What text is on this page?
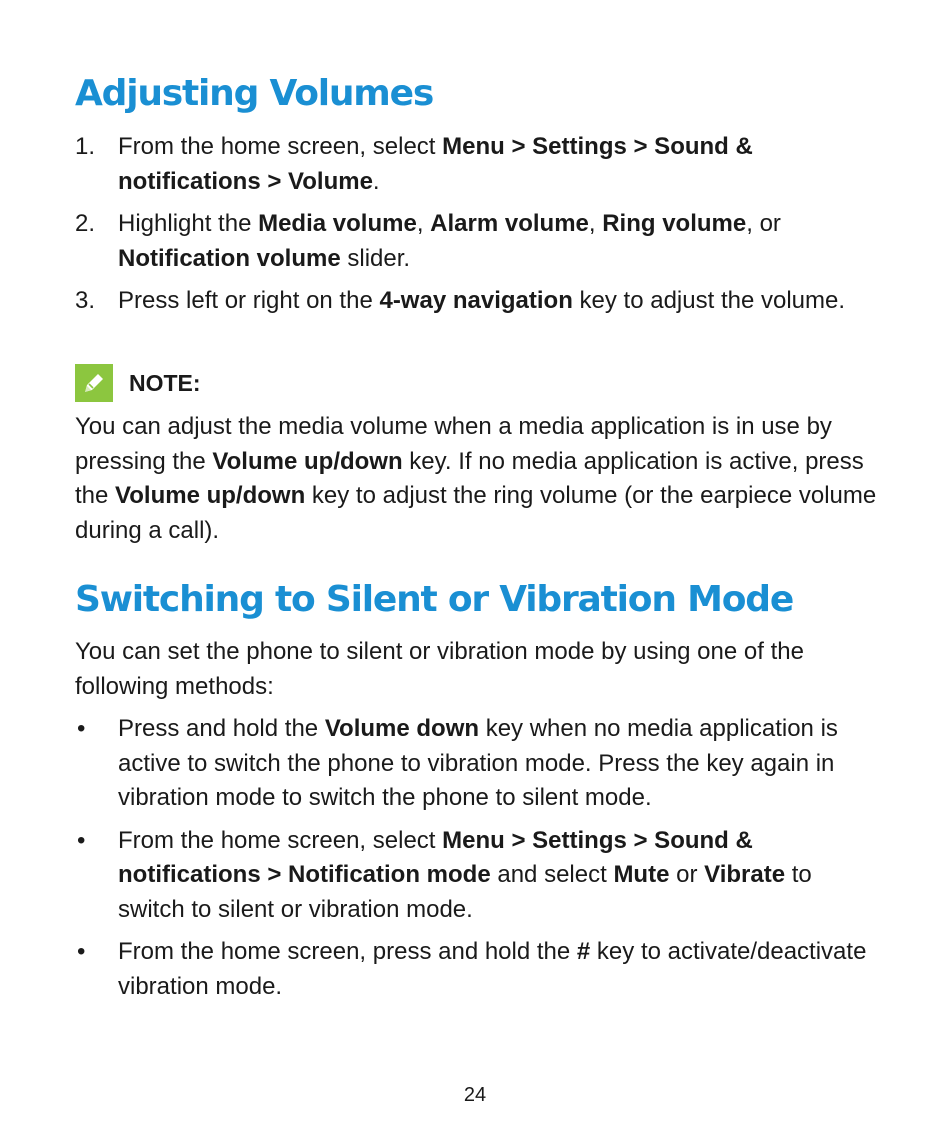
Adjusting Volumes
1. From the home screen, select Menu > Settings > Sound & notifications > Volume.
2. Highlight the Media volume, Alarm volume, Ring volume, or Notification volume slider.
3. Press left or right on the 4-way navigation key to adjust the volume.
NOTE:

You can adjust the media volume when a media application is in use by pressing the Volume up/down key. If no media application is active, press the Volume up/down key to adjust the ring volume (or the earpiece volume during a call).

Switching to Silent or Vibration Mode

You can set the phone to silent or vibration mode by using one of the following methods:

• Press and hold the Volume down key when no media application is active to switch the phone to vibration mode. Press the key again in vibration mode to switch the phone to silent mode.
• From the home screen, select Menu > Settings > Sound & notifications > Notification mode and select Mute or Vibrate to switch to silent or vibration mode.
• From the home screen, press and hold the # key to activate/deactivate vibration mode.
24
